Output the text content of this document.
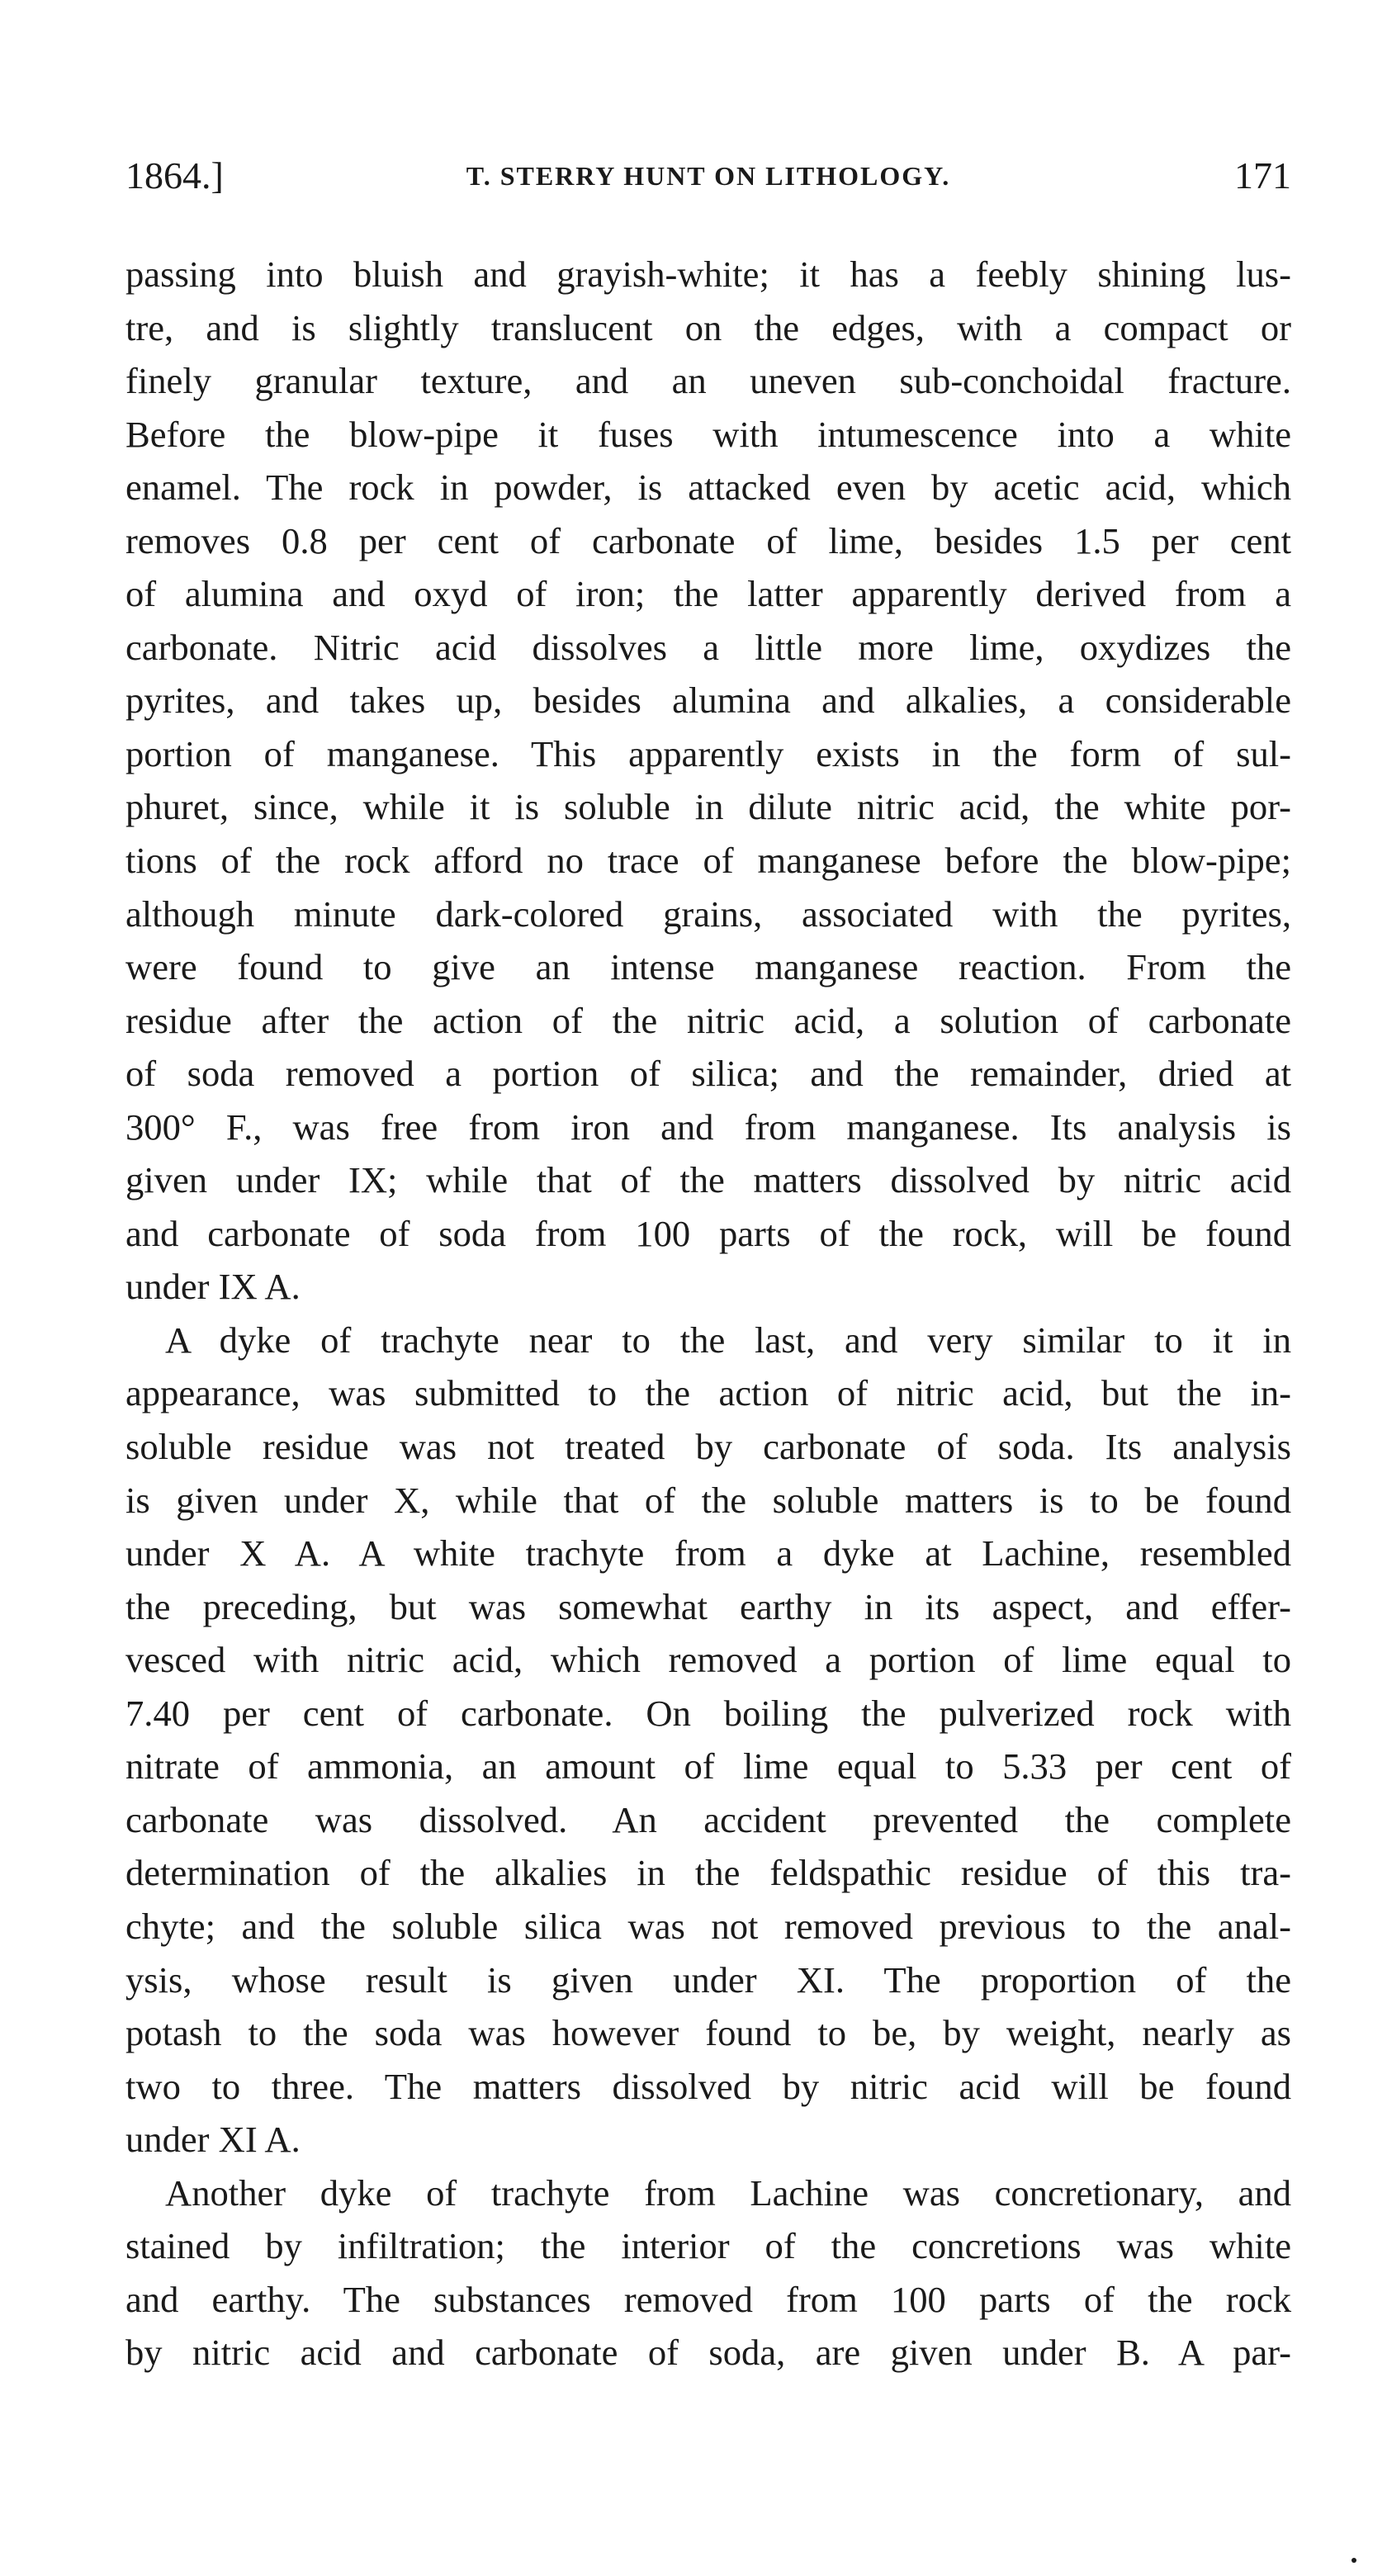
1864.]	T. STERRY HUNT ON LITHOLOGY.	171

passing into bluish and grayish-white; it has a feebly shining lus-
tre, and is slightly translucent on the edges, with a compact or
finely granular texture, and an uneven sub-conchoidal fracture.
Before the blow-pipe it fuses with intumescence into a white
enamel. The rock in powder, is attacked even by acetic acid, which
removes 0.8 per cent of carbonate of lime, besides 1.5 per cent
of alumina and oxyd of iron; the latter apparently derived from a
carbonate. Nitric acid dissolves a little more lime, oxydizes the
pyrites, and takes up, besides alumina and alkalies, a considerable
portion of manganese. This apparently exists in the form of sul-
phuret, since, while it is soluble in dilute nitric acid, the white por-
tions of the rock afford no trace of manganese before the blow-pipe;
although minute dark-colored grains, associated with the pyrites,
were found to give an intense manganese reaction. From the
residue after the action of the nitric acid, a solution of carbonate
of soda removed a portion of silica; and the remainder, dried at
300° F., was free from iron and from manganese. Its analysis is
given under IX; while that of the matters dissolved by nitric acid
and carbonate of soda from 100 parts of the rock, will be found
under IX A.

A dyke of trachyte near to the last, and very similar to it in
appearance, was submitted to the action of nitric acid, but the in-
soluble residue was not treated by carbonate of soda. Its analysis
is given under X, while that of the soluble matters is to be found
under X A. A white trachyte from a dyke at Lachine, resembled
the preceding, but was somewhat earthy in its aspect, and effer-
vesced with nitric acid, which removed a portion of lime equal to
7.40 per cent of carbonate. On boiling the pulverized rock with
nitrate of ammonia, an amount of lime equal to 5.33 per cent of
carbonate was dissolved. An accident prevented the complete
determination of the alkalies in the feldspathic residue of this tra-
chyte; and the soluble silica was not removed previous to the anal-
ysis, whose result is given under XI. The proportion of the
potash to the soda was however found to be, by weight, nearly as
two to three. The matters dissolved by nitric acid will be found
under XI A.

Another dyke of trachyte from Lachine was concretionary, and
stained by infiltration; the interior of the concretions was white
and earthy. The substances removed from 100 parts of the rock
by nitric acid and carbonate of soda, are given under B. A par-
